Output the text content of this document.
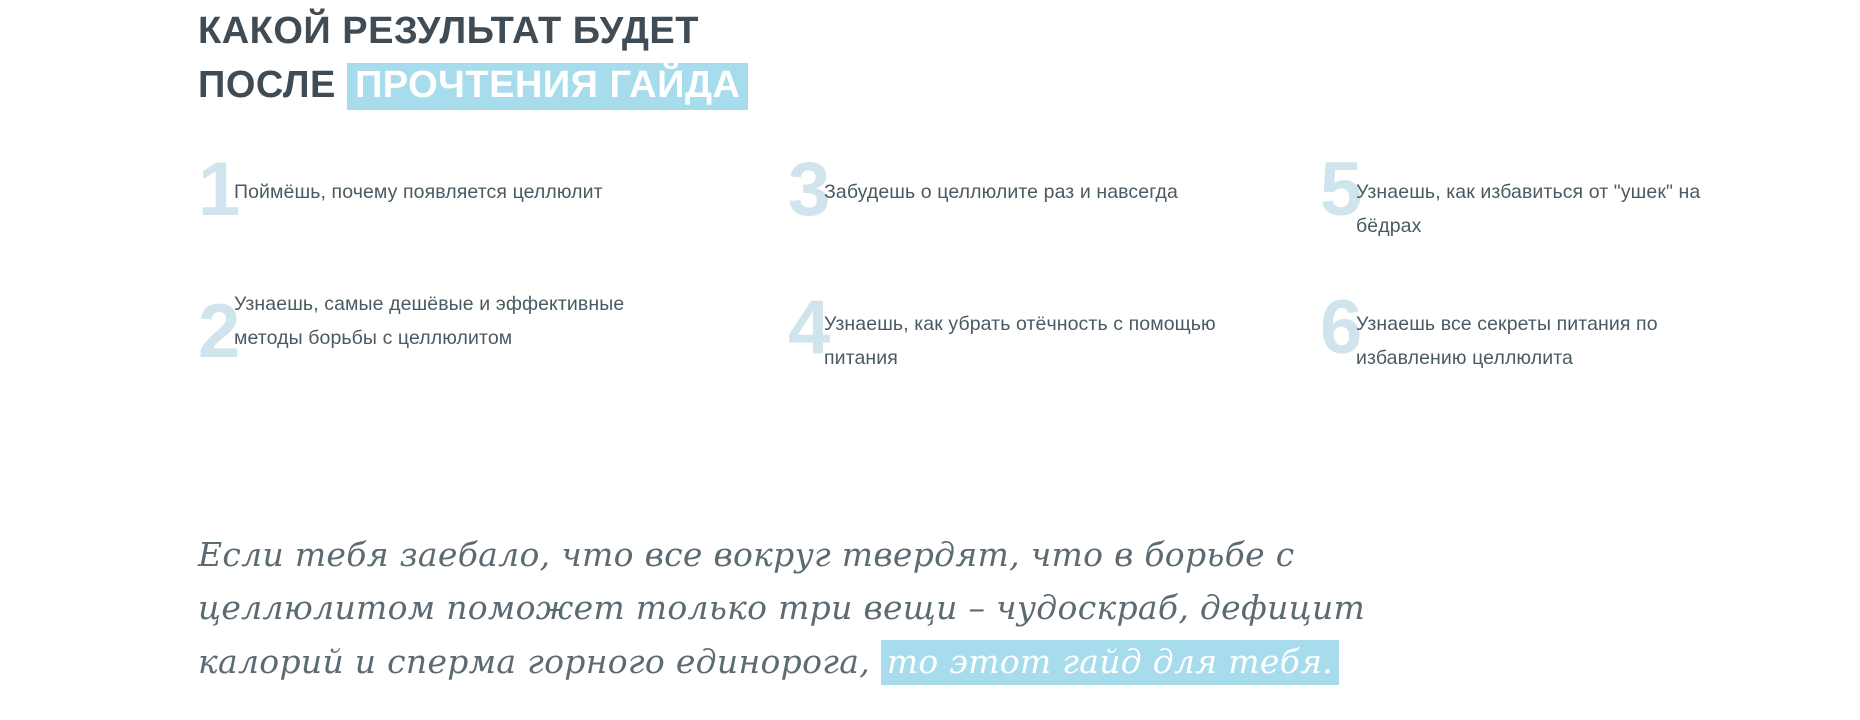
КАКОЙ РЕЗУЛЬТАТ БУДЕТ
ПОСЛЕ ПРОЧТЕНИЯ ГАЙДА
1
Поймёшь, почему появляется целлюлит
2
Узнаешь, самые дешёвые и эффективные методы борьбы с целлюлитом
3
Забудешь о целлюлите раз и навсегда
4
Узнаешь, как убрать отёчность с помощью питания
5
Узнаешь, как избавиться от "ушек" на бёдрах
6
Узнаешь все секреты питания по избавлению целлюлита
Если тебя заебало, что все вокруг твердят, что в борьбе с целлюлитом поможет только три вещи – чудоскраб, дефицит калорий и сперма горного единорога, то этот гайд для тебя.
